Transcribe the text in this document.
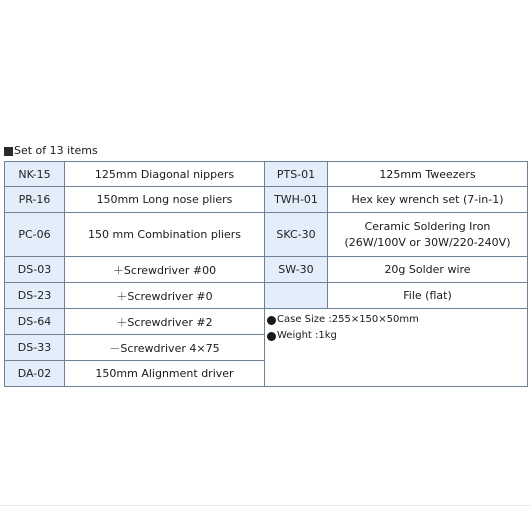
Set of 13 items
NK-15	125mm Diagonal nippers	PTS-01	125mm Tweezers
PR-16	150mm Long nose pliers	TWH-01	Hex key wrench set (7-in-1)
PC-06	150 mm Combination pliers	SKC-30	Ceramic Soldering Iron
(26W/100V or 30W/220-240V)

DS-03	＋Screwdriver #00	SW-30	20g Solder wire
DS-23	＋Screwdriver #0		File (flat)
DS-64	＋Screwdriver #2	Case Size :255×150×50mm
Weight :1kg	

DS-33	－Screwdriver 4×75		
DA-02	150mm Alignment driver		
